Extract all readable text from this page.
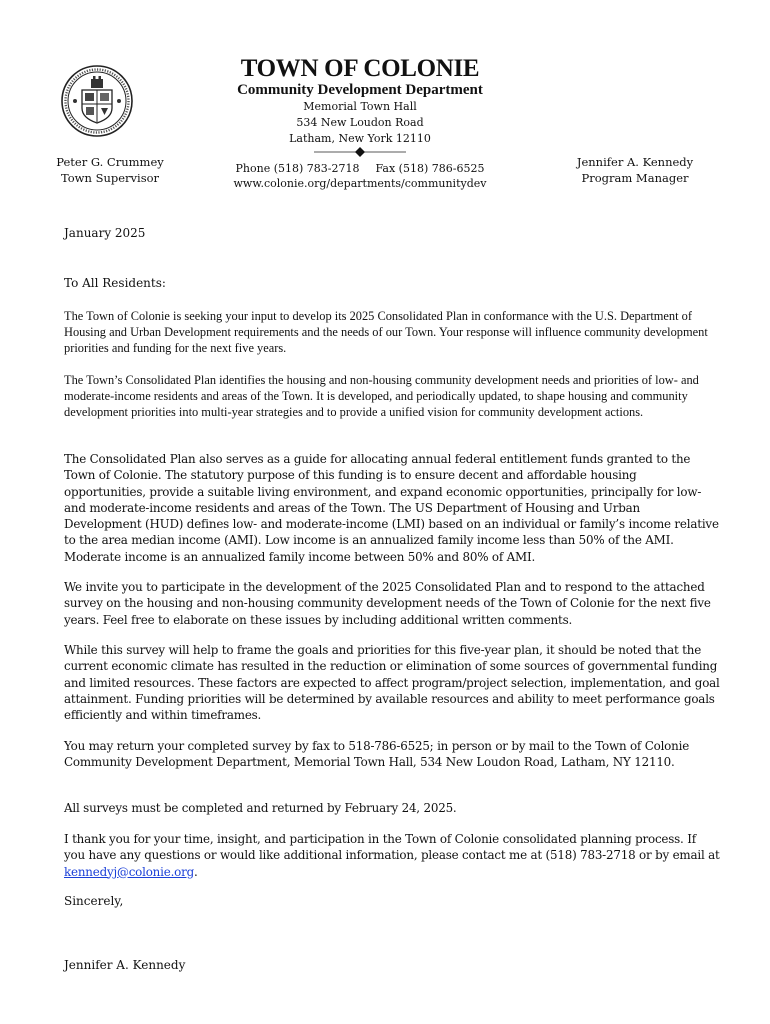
TOWN OF COLONIE
Community Development Department
Memorial Town Hall
534 New Loudon Road
Latham, New York 12110
Peter G. Crummey
Town Supervisor
Phone (518) 783-2718 Fax (518) 786-6525
www.colonie.org/departments/communitydev
Jennifer A. Kennedy
Program Manager
January 2025
To All Residents:

The Town of Colonie is seeking your input to develop its 2025 Consolidated Plan in conformance with the U.S. Department of Housing and Urban Development requirements and the needs of our Town. Your response will influence community development priorities and funding for the next five years.

The Town’s Consolidated Plan identifies the housing and non-housing community development needs and priorities of low- and moderate-income residents and areas of the Town. It is developed, and periodically updated, to shape housing and community development priorities into multi-year strategies and to provide a unified vision for community development actions.

The Consolidated Plan also serves as a guide for allocating annual federal entitlement funds granted to the Town of Colonie. The statutory purpose of this funding is to ensure decent and affordable housing opportunities, provide a suitable living environment, and expand economic opportunities, principally for low- and moderate-income residents and areas of the Town. The US Department of Housing and Urban Development (HUD) defines low- and moderate-income (LMI) based on an individual or family’s income relative to the area median income (AMI). Low income is an annualized family income less than 50% of the AMI. Moderate income is an annualized family income between 50% and 80% of AMI.

We invite you to participate in the development of the 2025 Consolidated Plan and to respond to the attached survey on the housing and non-housing community development needs of the Town of Colonie for the next five years. Feel free to elaborate on these issues by including additional written comments.

While this survey will help to frame the goals and priorities for this five-year plan, it should be noted that the current economic climate has resulted in the reduction or elimination of some sources of governmental funding and limited resources. These factors are expected to affect program/project selection, implementation, and goal attainment. Funding priorities will be determined by available resources and ability to meet performance goals efficiently and within timeframes.

You may return your completed survey by fax to 518-786-6525; in person or by mail to the Town of Colonie Community Development Department, Memorial Town Hall, 534 New Loudon Road, Latham, NY 12110.

All surveys must be completed and returned by February 24, 2025.

I thank you for your time, insight, and participation in the Town of Colonie consolidated planning process. If you have any questions or would like additional information, please contact me at (518) 783-2718 or by email at kennedyj@colonie.org.

Sincerely,
Jennifer A. Kennedy
